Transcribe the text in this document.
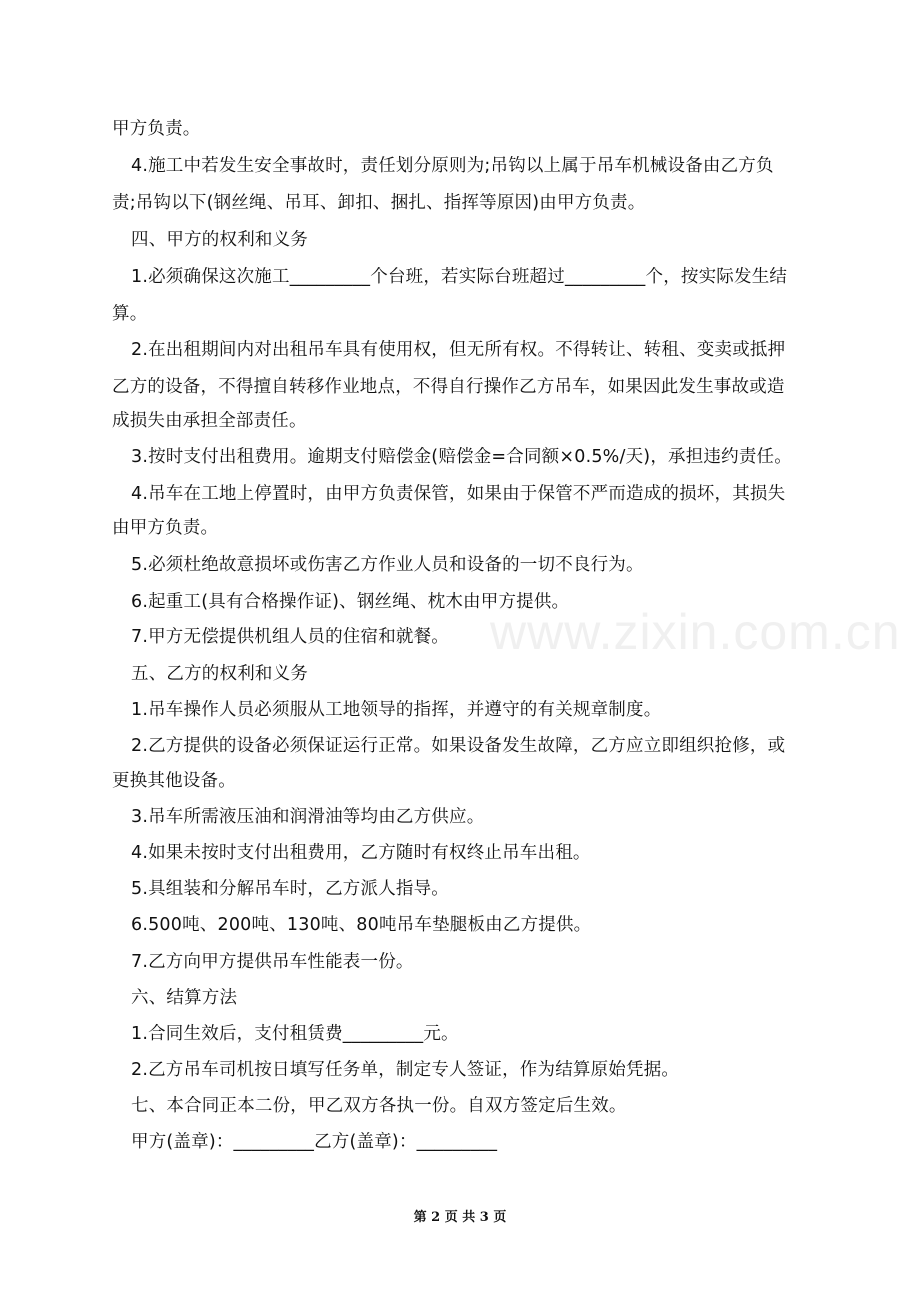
www.zixin.com.cn
甲方负责。
4.施工中若发生安全事故时，责任划分原则为;吊钩以上属于吊车机械设备由乙方负
责;吊钩以下(钢丝绳、吊耳、卸扣、捆扎、指挥等原因)由甲方负责。
四、甲方的权利和义务
1.必须确保这次施工_________个台班，若实际台班超过_________个，按实际发生结
算。
2.在出租期间内对出租吊车具有使用权，但无所有权。不得转让、转租、变卖或抵押
乙方的设备，不得擅自转移作业地点，不得自行操作乙方吊车，如果因此发生事故或造
成损失由承担全部责任。
3.按时支付出租费用。逾期支付赔偿金(赔偿金=合同额×0.5%/天)，承担违约责任。
4.吊车在工地上停置时，由甲方负责保管，如果由于保管不严而造成的损坏，其损失
由甲方负责。
5.必须杜绝故意损坏或伤害乙方作业人员和设备的一切不良行为。
6.起重工(具有合格操作证)、钢丝绳、枕木由甲方提供。
7.甲方无偿提供机组人员的住宿和就餐。
五、乙方的权利和义务
1.吊车操作人员必须服从工地领导的指挥，并遵守的有关规章制度。
2.乙方提供的设备必须保证运行正常。如果设备发生故障，乙方应立即组织抢修，或
更换其他设备。
3.吊车所需液压油和润滑油等均由乙方供应。
4.如果未按时支付出租费用，乙方随时有权终止吊车出租。
5.具组装和分解吊车时，乙方派人指导。
6.500吨、200吨、130吨、80吨吊车垫腿板由乙方提供。
7.乙方向甲方提供吊车性能表一份。
六、结算方法
1.合同生效后，支付租赁费_________元。
2.乙方吊车司机按日填写任务单，制定专人签证，作为结算原始凭据。
七、本合同正本二份，甲乙双方各执一份。自双方签定后生效。
甲方(盖章)：_________乙方(盖章)：_________
第 2 页 共 3 页
